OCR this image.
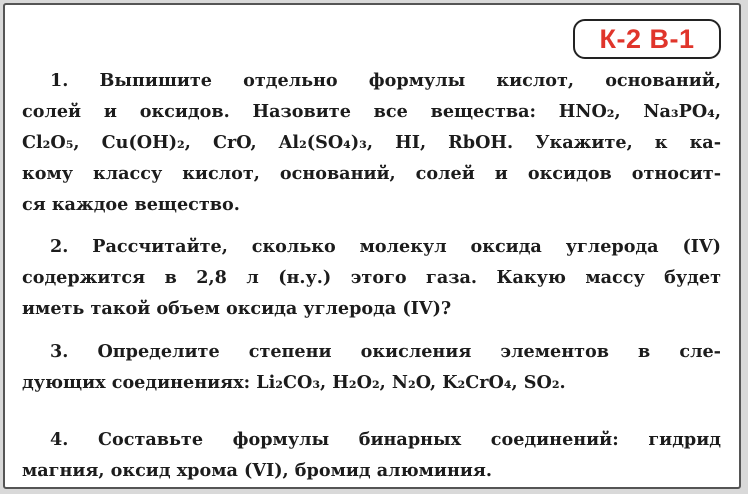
К-2 В-1
1. Выпишите отдельно формулы кислот, оснований,
солей и оксидов. Назовите все вещества: HNO₂, Na₃PO₄,
Cl₂O₅, Cu(OH)₂, CrO, Al₂(SO₄)₃, HI, RbOH. Укажите, к ка-
кому классу кислот, оснований, солей и оксидов относит-
ся каждое вещество.
2. Рассчитайте, сколько молекул оксида углерода (IV)
содержится в 2,8 л (н.у.) этого газа. Какую массу будет
иметь такой объем оксида углерода (IV)?
3. Определите степени окисления элементов в сле-
дующих соединениях: Li₂CO₃, H₂O₂, N₂O, K₂CrO₄, SO₂.
4. Составьте формулы бинарных соединений: гидрид
магния, оксид хрома (VI), бромид алюминия.
